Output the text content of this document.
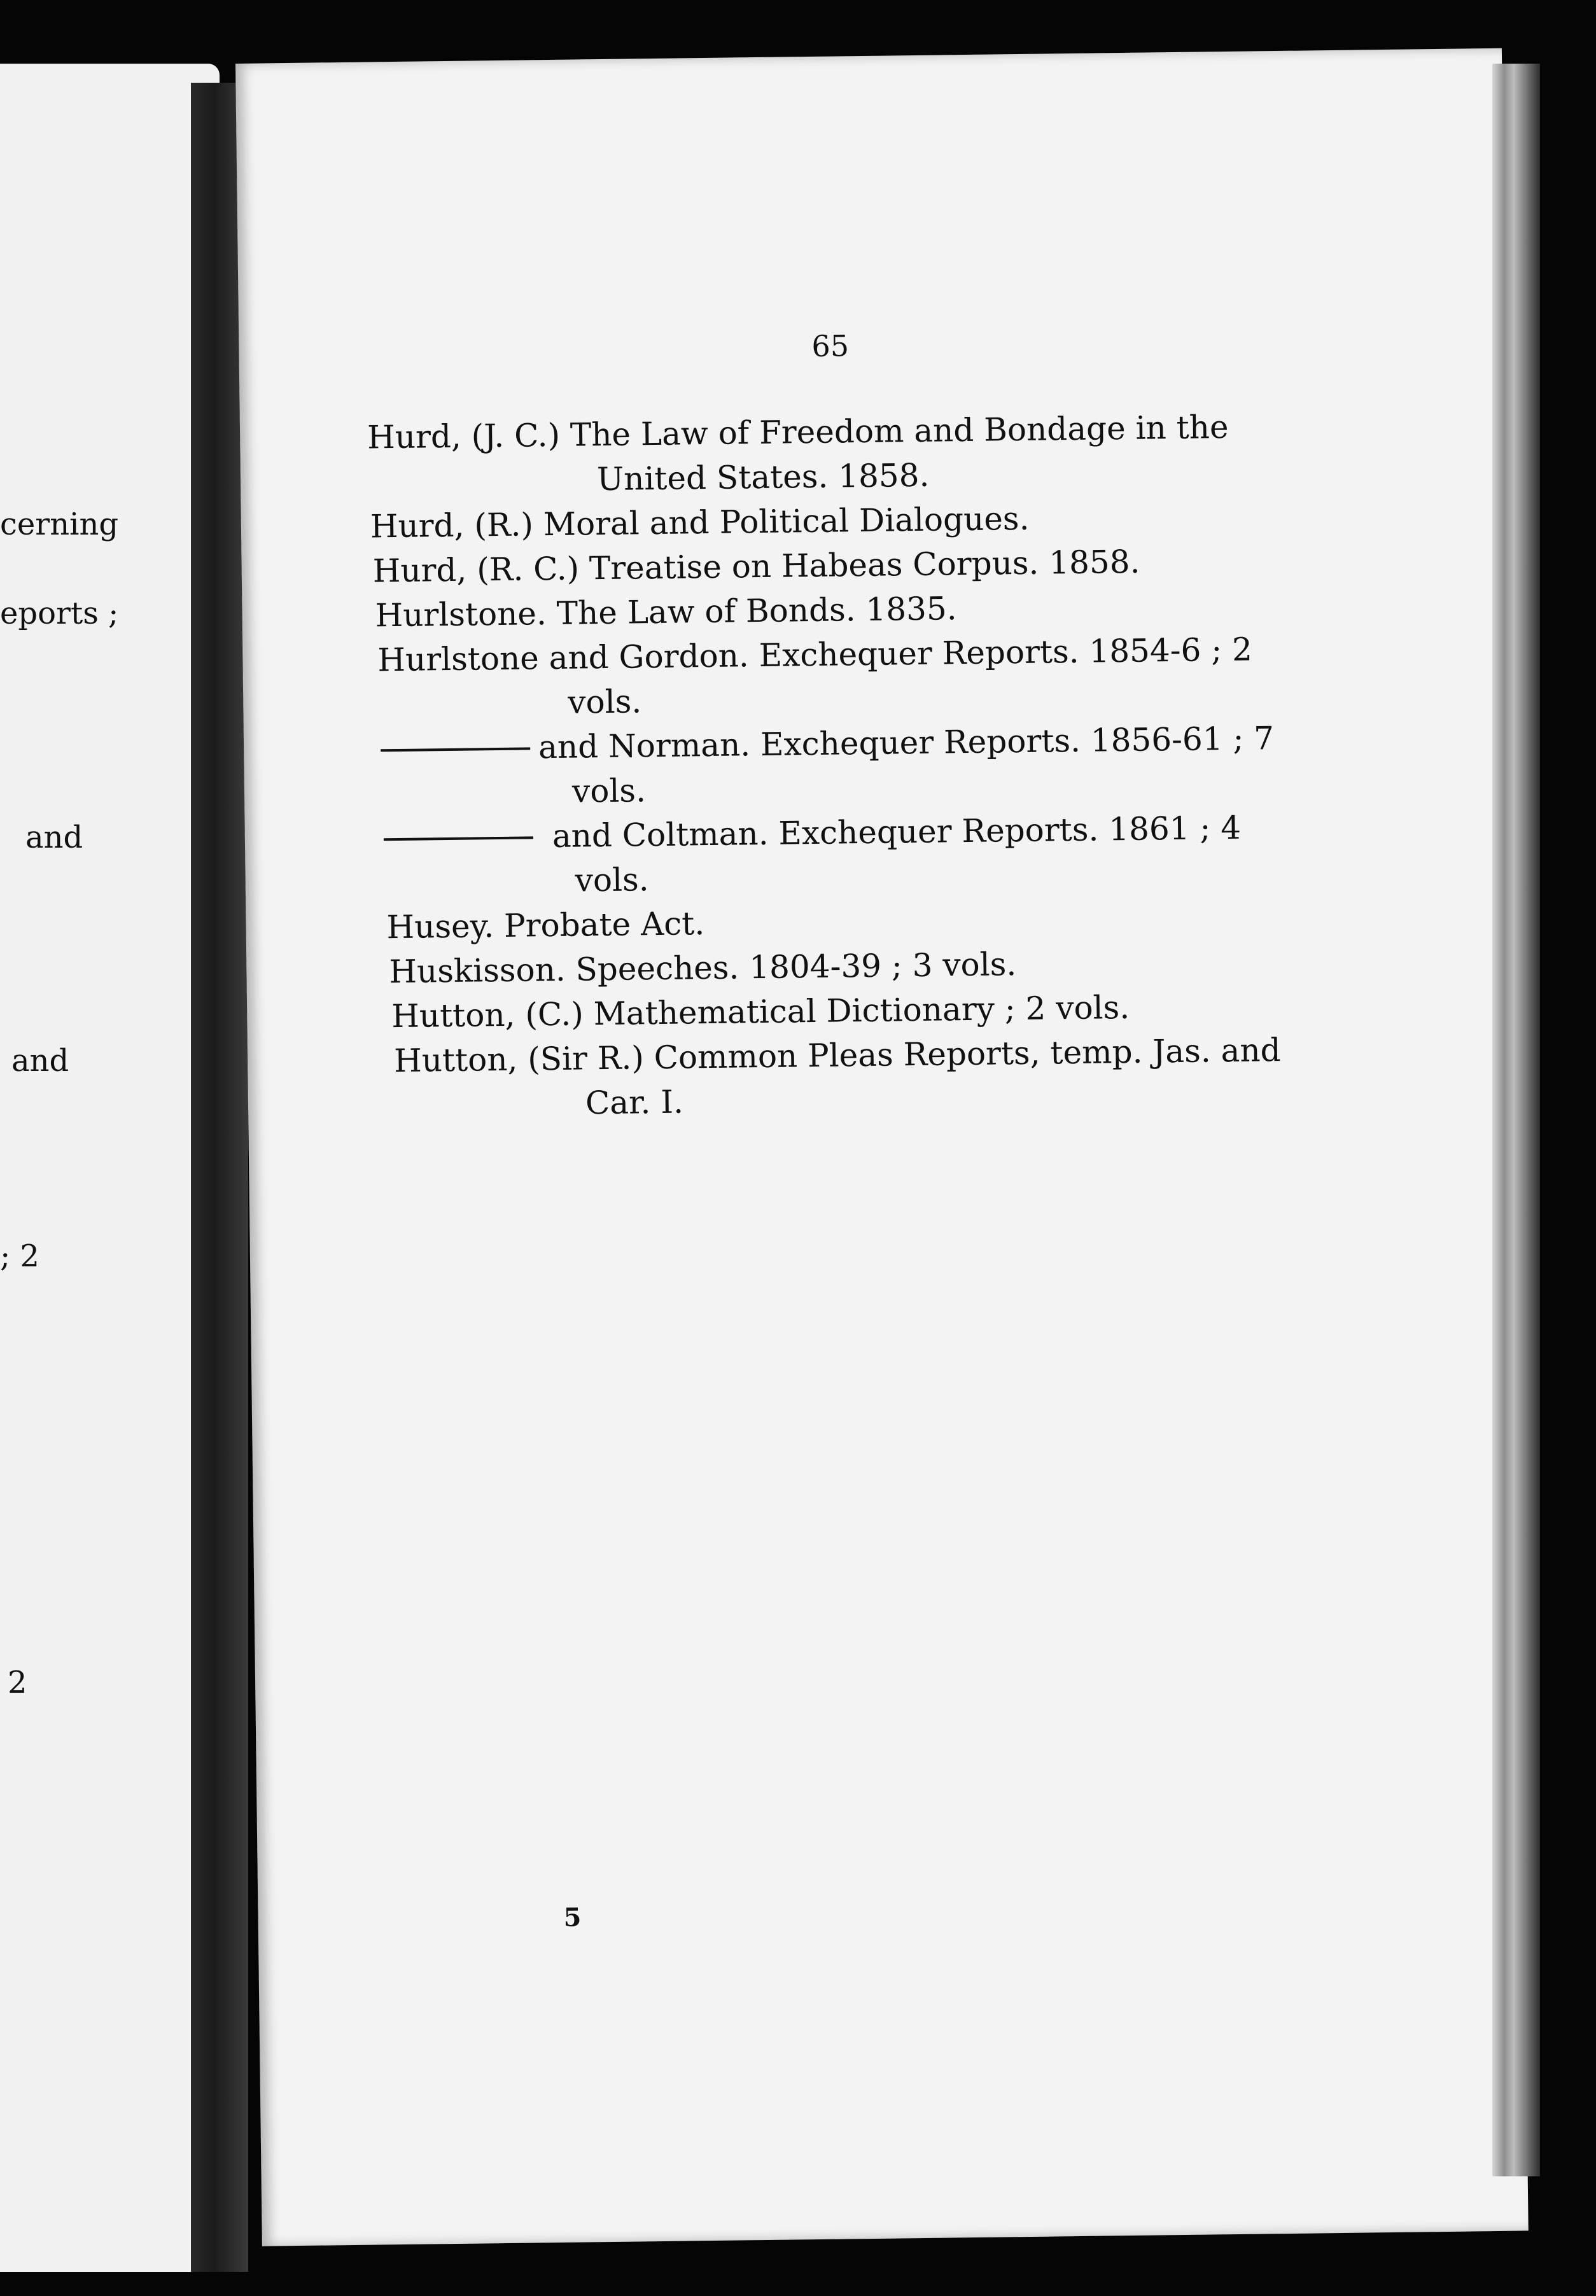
cerning
eports ;
and
and
; 2
2
65
Hurd, (J. C.) The Law of Freedom and Bondage in the
United States. 1858.
Hurd, (R.) Moral and Political Dialogues.
Hurd, (R. C.) Treatise on Habeas Corpus. 1858.
Hurlstone. The Law of Bonds. 1835.
Hurlstone and Gordon. Exchequer Reports. 1854-6 ; 2
vols.
and Norman. Exchequer Reports. 1856-61 ; 7
vols.
and Coltman. Exchequer Reports. 1861 ; 4
vols.
Husey. Probate Act.
Huskisson. Speeches. 1804-39 ; 3 vols.
Hutton, (C.) Mathematical Dictionary ; 2 vols.
Hutton, (Sir R.) Common Pleas Reports, temp. Jas. and
Car. I.
5
